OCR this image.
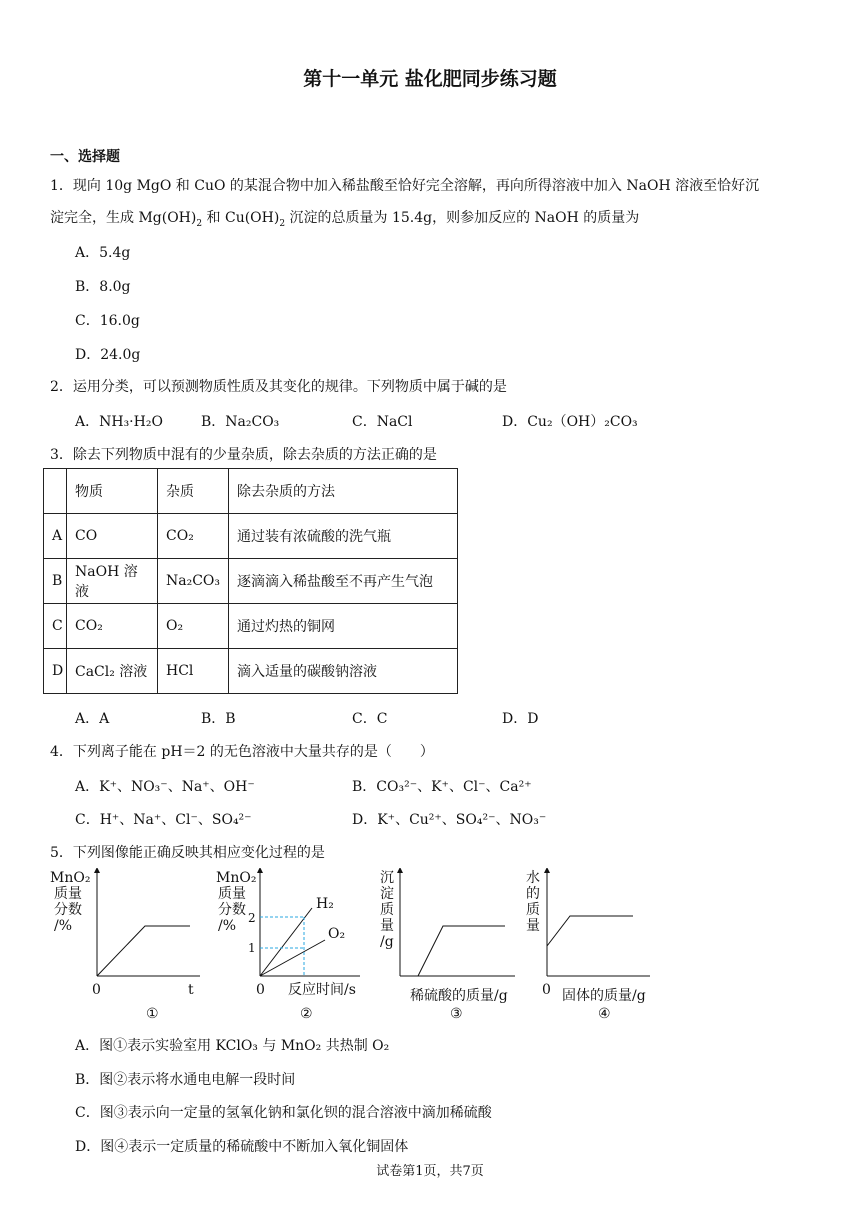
第十一单元 盐化肥同步练习题
一、选择题
1．现向 10g MgO 和 CuO 的某混合物中加入稀盐酸至恰好完全溶解，再向所得溶液中加入 NaOH 溶液至恰好沉
淀完全，生成 $Mg(OH)_2$ 和 $Cu(OH)_2$ 沉淀的总质量为 15.4g，则参加反应的 NaOH 的质量为
A．5.4g
B．8.0g
C．16.0g
D．24.0g
2．运用分类，可以预测物质性质及其变化的规律。下列物质中属于碱的是
A．NH₃·H₂O	B．Na₂CO₃	C．NaCl	D．Cu₂（OH）₂CO₃
3．除去下列物质中混有的少量杂质，除去杂质的方法正确的是
	物质	杂质	除去杂质的方法
A	CO	CO₂	通过装有浓硫酸的洗气瓶
B	NaOH 溶液	Na₂CO₃	逐滴滴入稀盐酸至不再产生气泡
C	CO₂	O₂	通过灼热的铜网
D	CaCl₂ 溶液	HCl	滴入适量的碳酸钠溶液
A．A	B．B	C．C	D．D
4．下列离子能在 pH＝2 的无色溶液中大量共存的是（　　）
A．K⁺、NO₃⁻、Na⁺、OH⁻	B．CO₃²⁻、K⁺、Cl⁻、Ca²⁺
C．H⁺、Na⁺、Cl⁻、SO₄²⁻	D．K⁺、Cu²⁺、SO₄²⁻、NO₃⁻
5．下列图像能正确反映其相应变化过程的是
MnO₂
质量
分数
/%
0	t
①
MnO₂
质量
分数
/% 2
1
0 反应时间/s
H₂
O₂
②
沉
淀
质
量
/g
稀硫酸的质量/g
③
水
的
质
量
0 固体的质量/g
④
A．图①表示实验室用 KClO₃ 与 MnO₂ 共热制 O₂
B．图②表示将水通电电解一段时间
C．图③表示向一定量的氢氧化钠和氯化钡的混合溶液中滴加稀硫酸
D．图④表示一定质量的稀硫酸中不断加入氧化铜固体
试卷第1页，共7页
